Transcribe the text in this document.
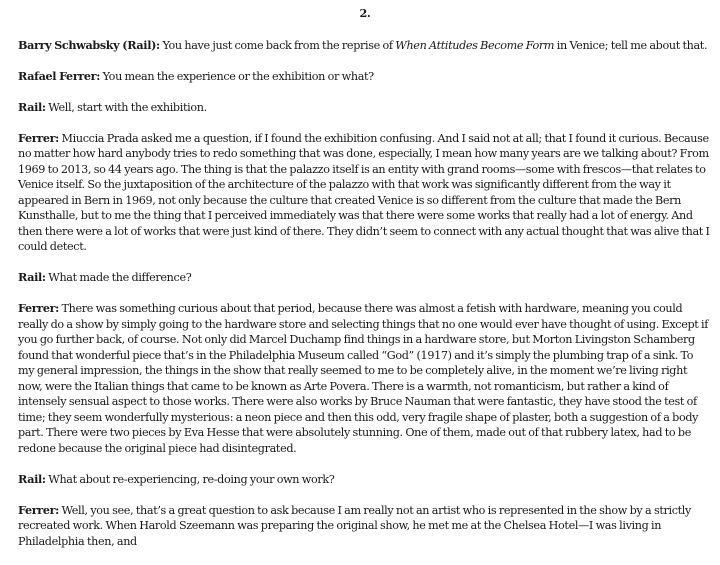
2.

Barry Schwabsky (Rail): You have just come back from the reprise of When Attitudes Become Form in Venice; tell me about that.

Rafael Ferrer: You mean the experience or the exhibition or what?

Rail: Well, start with the exhibition.

Ferrer: Miuccia Prada asked me a question, if I found the exhibition confusing. And I said not at all; that I found it curious. Because no matter how hard anybody tries to redo something that was done, especially, I mean how many years are we talking about? From 1969 to 2013, so 44 years ago. The thing is that the palazzo itself is an entity with grand rooms—some with frescos—that relates to Venice itself. So the juxtaposition of the architecture of the palazzo with that work was significantly different from the way it appeared in Bern in 1969, not only because the culture that created Venice is so different from the culture that made the Bern Kunsthalle, but to me the thing that I perceived immediately was that there were some works that really had a lot of energy. And then there were a lot of works that were just kind of there. They didn’t seem to connect with any actual thought that was alive that I could detect.

Rail: What made the difference?

Ferrer: There was something curious about that period, because there was almost a fetish with hardware, meaning you could really do a show by simply going to the hardware store and selecting things that no one would ever have thought of using. Except if you go further back, of course. Not only did Marcel Duchamp find things in a hardware store, but Morton Livingston Schamberg found that wonderful piece that’s in the Philadelphia Museum called “God” (1917) and it’s simply the plumbing trap of a sink. To my general impression, the things in the show that really seemed to me to be completely alive, in the moment we’re living right now, were the Italian things that came to be known as Arte Povera. There is a warmth, not romanticism, but rather a kind of intensely sensual aspect to those works. There were also works by Bruce Nauman that were fantastic, they have stood the test of time; they seem wonderfully mysterious: a neon piece and then this odd, very fragile shape of plaster, both a suggestion of a body part. There were two pieces by Eva Hesse that were absolutely stunning. One of them, made out of that rubbery latex, had to be redone because the original piece had disintegrated.

Rail: What about re-experiencing, re-doing your own work?

Ferrer: Well, you see, that’s a great question to ask because I am really not an artist who is represented in the show by a strictly recreated work. When Harold Szeemann was preparing the original show, he met me at the Chelsea Hotel—I was living in Philadelphia then, and
